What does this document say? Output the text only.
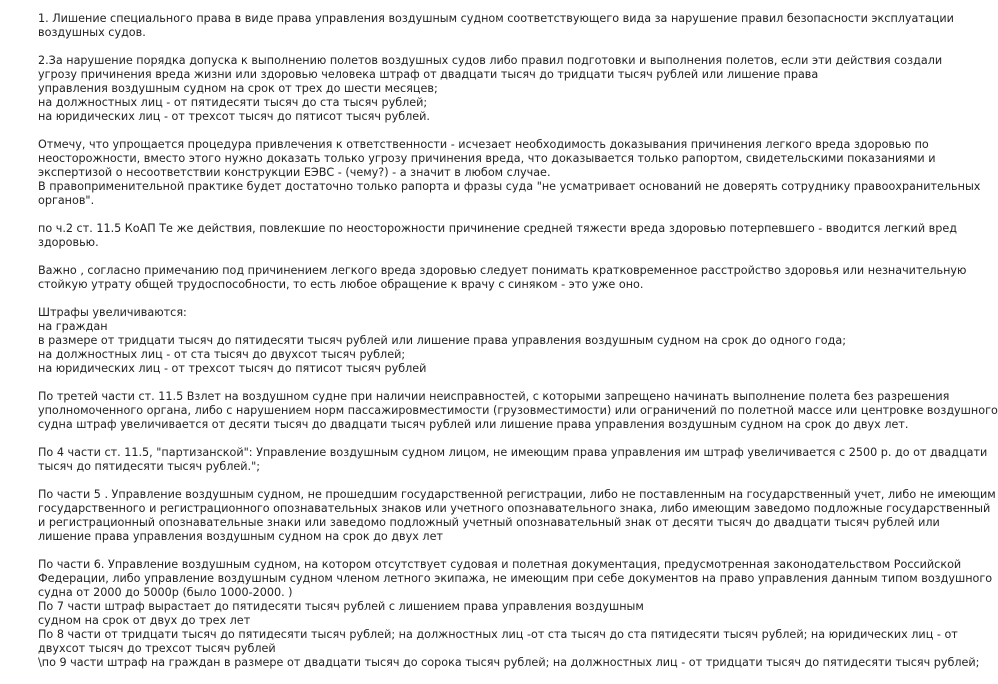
1. Лишение специального права в виде права управления воздушным судном соответствующего вида за нарушение правил безопасности эксплуатации
воздушных судов.

2.За нарушение порядка допуска к выполнению полетов воздушных судов либо правил подготовки и выполнения полетов, если эти действия создали
угрозу причинения вреда жизни или здоровью человека штраф от двадцати тысяч до тридцати тысяч рублей или лишение права
управления воздушным судном на срок от трех до шести месяцев;
на должностных лиц - от пятидесяти тысяч до ста тысяч рублей;
на юридических лиц - от трехсот тысяч до пятисот тысяч рублей.

Отмечу, что упрощается процедура привлечения к ответственности - исчезает необходимость доказывания причинения легкого вреда здоровью по
неосторожности, вместо этого нужно доказать только угрозу причинения вреда, что доказывается только рапортом, свидетельскими показаниями и
экспертизой о несоответствии конструкции ЕЭВС - (чему?) - а значит в любом случае.
В правоприменительной практике будет достаточно только рапорта и фразы суда "не усматривает оснований не доверять сотруднику правоохранительных
органов".

по ч.2 ст. 11.5 КоАП Те же действия, повлекшие по неосторожности причинение средней тяжести вреда здоровью потерпевшего - вводится легкий вред
здоровью.

Важно , согласно примечанию под причинением легкого вреда здоровью следует понимать кратковременное расстройство здоровья или незначительную
стойкую утрату общей трудоспособности, то есть любое обращение к врачу с синяком - это уже оно.

Штрафы увеличиваются:
на граждан
в размере от тридцати тысяч до пятидесяти тысяч рублей или лишение права управления воздушным судном на срок до одного года;
на должностных лиц - от ста тысяч до двухсот тысяч рублей;
на юридических лиц - от трехсот тысяч до пятисот тысяч рублей

По третей части ст. 11.5 Взлет на воздушном судне при наличии неисправностей, с которыми запрещено начинать выполнение полета без разрешения
уполномоченного органа, либо с нарушением норм пассажировместимости (грузовместимости) или ограничений по полетной массе или центровке воздушного
судна штраф увеличивается от десяти тысяч до двадцати тысяч рублей или лишение права управления воздушным судном на срок до двух лет.

По 4 части ст. 11.5, "партизанской": Управление воздушным судном лицом, не имеющим права управления им штраф увеличивается с 2500 р. до от двадцати
тысяч до пятидесяти тысяч рублей.";

По части 5 . Управление воздушным судном, не прошедшим государственной регистрации, либо не поставленным на государственный учет, либо не имеющим
государственного и регистрационного опознавательных знаков или учетного опознавательного знака, либо имеющим заведомо подложные государственный
и регистрационный опознавательные знаки или заведомо подложный учетный опознавательный знак от десяти тысяч до двадцати тысяч рублей или
лишение права управления воздушным судном на срок до двух лет

По части 6. Управление воздушным судном, на котором отсутствует судовая и полетная документация, предусмотренная законодательством Российской
Федерации, либо управление воздушным судном членом летного экипажа, не имеющим при себе документов на право управления данным типом воздушного
судна от 2000 до 5000р (было 1000-2000. )
По 7 части штраф вырастает до пятидесяти тысяч рублей с лишением права управления воздушным
судном на срок от двух до трех лет
По 8 части от тридцати тысяч до пятидесяти тысяч рублей; на должностных лиц -от ста тысяч до ста пятидесяти тысяч рублей; на юридических лиц - от
двухсот тысяч до трехсот тысяч рублей
\по 9 части штраф на граждан в размере от двадцати тысяч до сорока тысяч рублей; на должностных лиц - от тридцати тысяч до пятидесяти тысяч рублей;
